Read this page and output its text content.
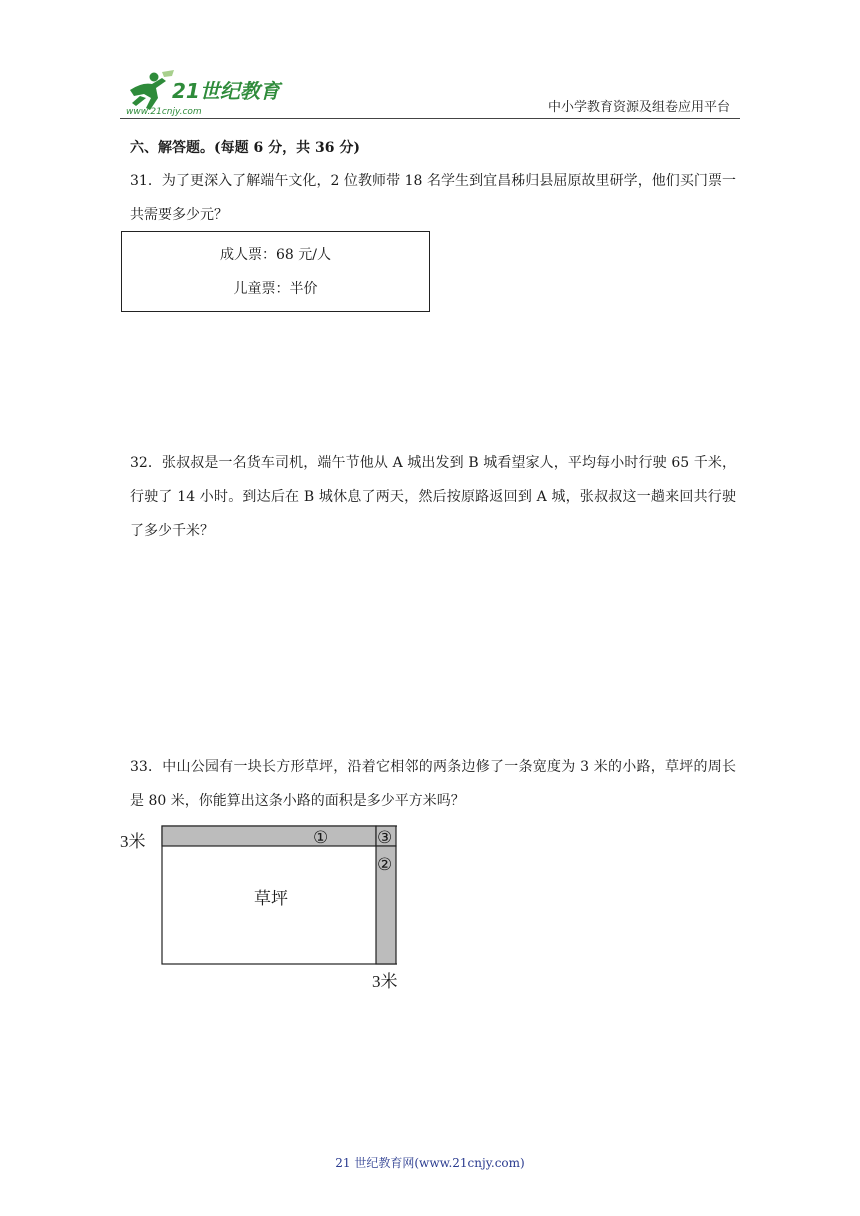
21世纪教育
www.21cnjy.com	中小学教育资源及组卷应用平台
六、解答题。(每题 6 分，共 36 分)
31．为了更深入了解端午文化，2 位教师带 18 名学生到宜昌秭归县屈原故里研学，他们买门票一共需要多少元？
成人票：68 元/人
儿童票：半价
32．张叔叔是一名货车司机，端午节他从 A 城出发到 B 城看望家人，平均每小时行驶 65 千米，行驶了 14 小时。到达后在 B 城休息了两天，然后按原路返回到 A 城，张叔叔这一趟来回共行驶了多少千米？
33．中山公园有一块长方形草坪，沿着它相邻的两条边修了一条宽度为 3 米的小路，草坪的周长是 80 米，你能算出这条小路的面积是多少平方米吗？
3米
3米
草坪
①	③
②
21 世纪教育网(www.21cnjy.com)
